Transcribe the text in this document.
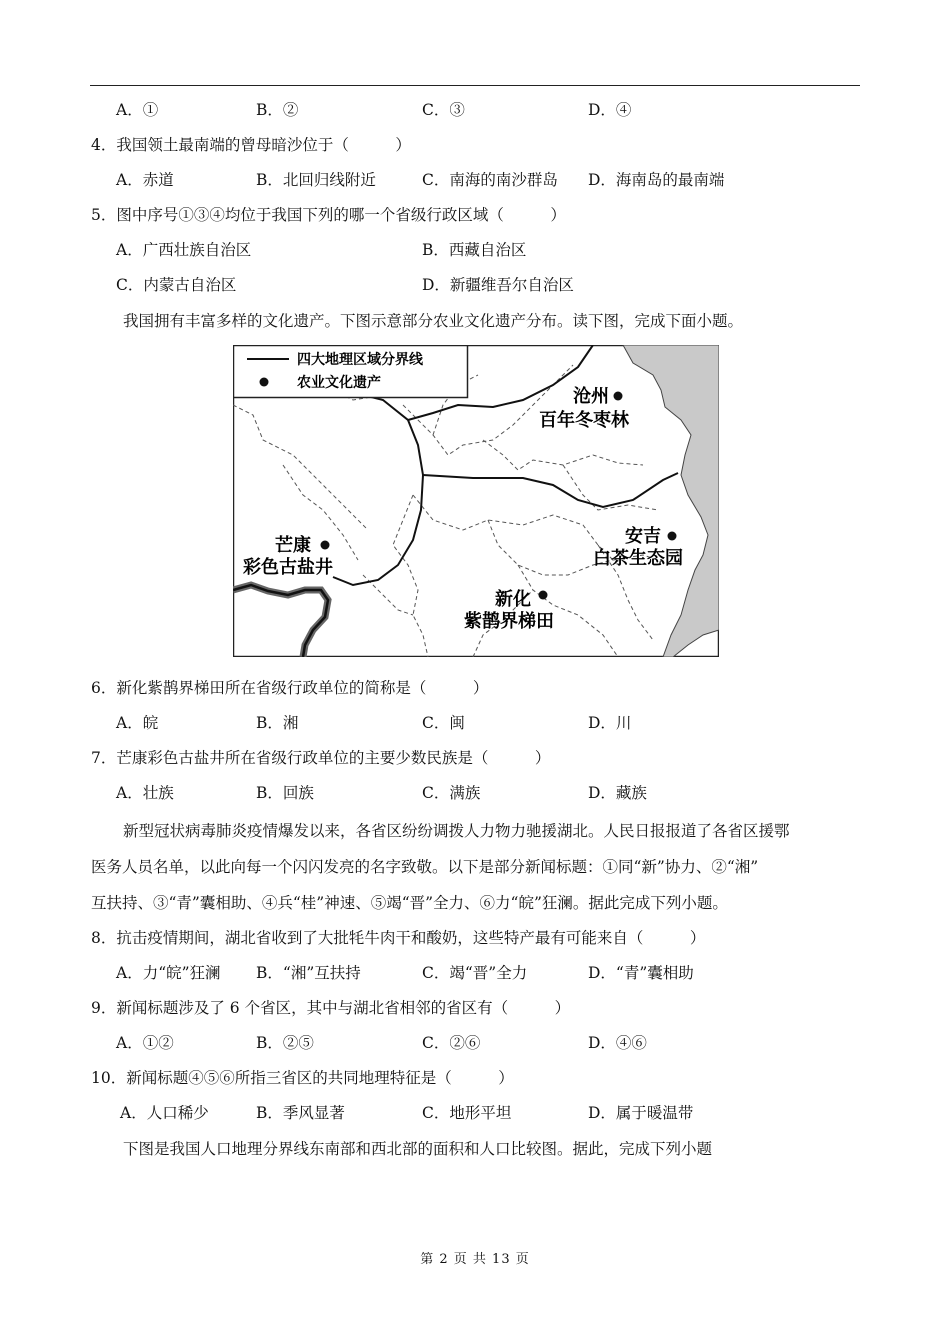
A．①	B．②	C．③	D．④
4．我国领土最南端的曾母暗沙位于（　　　）
A．赤道	B．北回归线附近	C．南海的南沙群岛 D．海南岛的最南端
5．图中序号①③④均位于我国下列的哪一个省级行政区域（　　　）
A．广西壮族自治区	B．西藏自治区
C．内蒙古自治区	D．新疆维吾尔自治区
我国拥有丰富多样的文化遗产。下图示意部分农业文化遗产分布。读下图，完成下面小题。
四大地理区域分界线
农业文化遗产
沧州
百年冬枣林
安吉
白茶生态园
芒康
彩色古盐井
新化
紫鹊界梯田
6．新化紫鹊界梯田所在省级行政单位的简称是（　　　）
A．皖	B．湘	C．闽	D．川
7．芒康彩色古盐井所在省级行政单位的主要少数民族是（　　　）
A．壮族	B．回族	C．满族	D．藏族
新型冠状病毒肺炎疫情爆发以来，各省区纷纷调拨人力物力驰援湖北。人民日报报道了各省区援鄂
医务人员名单，以此向每一个闪闪发亮的名字致敬。以下是部分新闻标题：①同“新”协力、②“湘”
互扶持、③“青”囊相助、④兵“桂”神速、⑤竭“晋”全力、⑥力“皖”狂澜。据此完成下列小题。
8．抗击疫情期间，湖北省收到了大批牦牛肉干和酸奶，这些特产最有可能来自（　　　）
A．力“皖”狂澜 B．“湘”互扶持	C．竭“晋”全力	D．“青”囊相助
9．新闻标题涉及了 6 个省区，其中与湖北省相邻的省区有（　　　）
A．①②	B．②⑤	C．②⑥	D．④⑥
10．新闻标题④⑤⑥所指三省区的共同地理特征是（　　　）
A．人口稀少	B．季风显著	C．地形平坦	D．属于暖温带
下图是我国人口地理分界线东南部和西北部的面积和人口比较图。据此，完成下列小题
第 2 页 共 13 页
